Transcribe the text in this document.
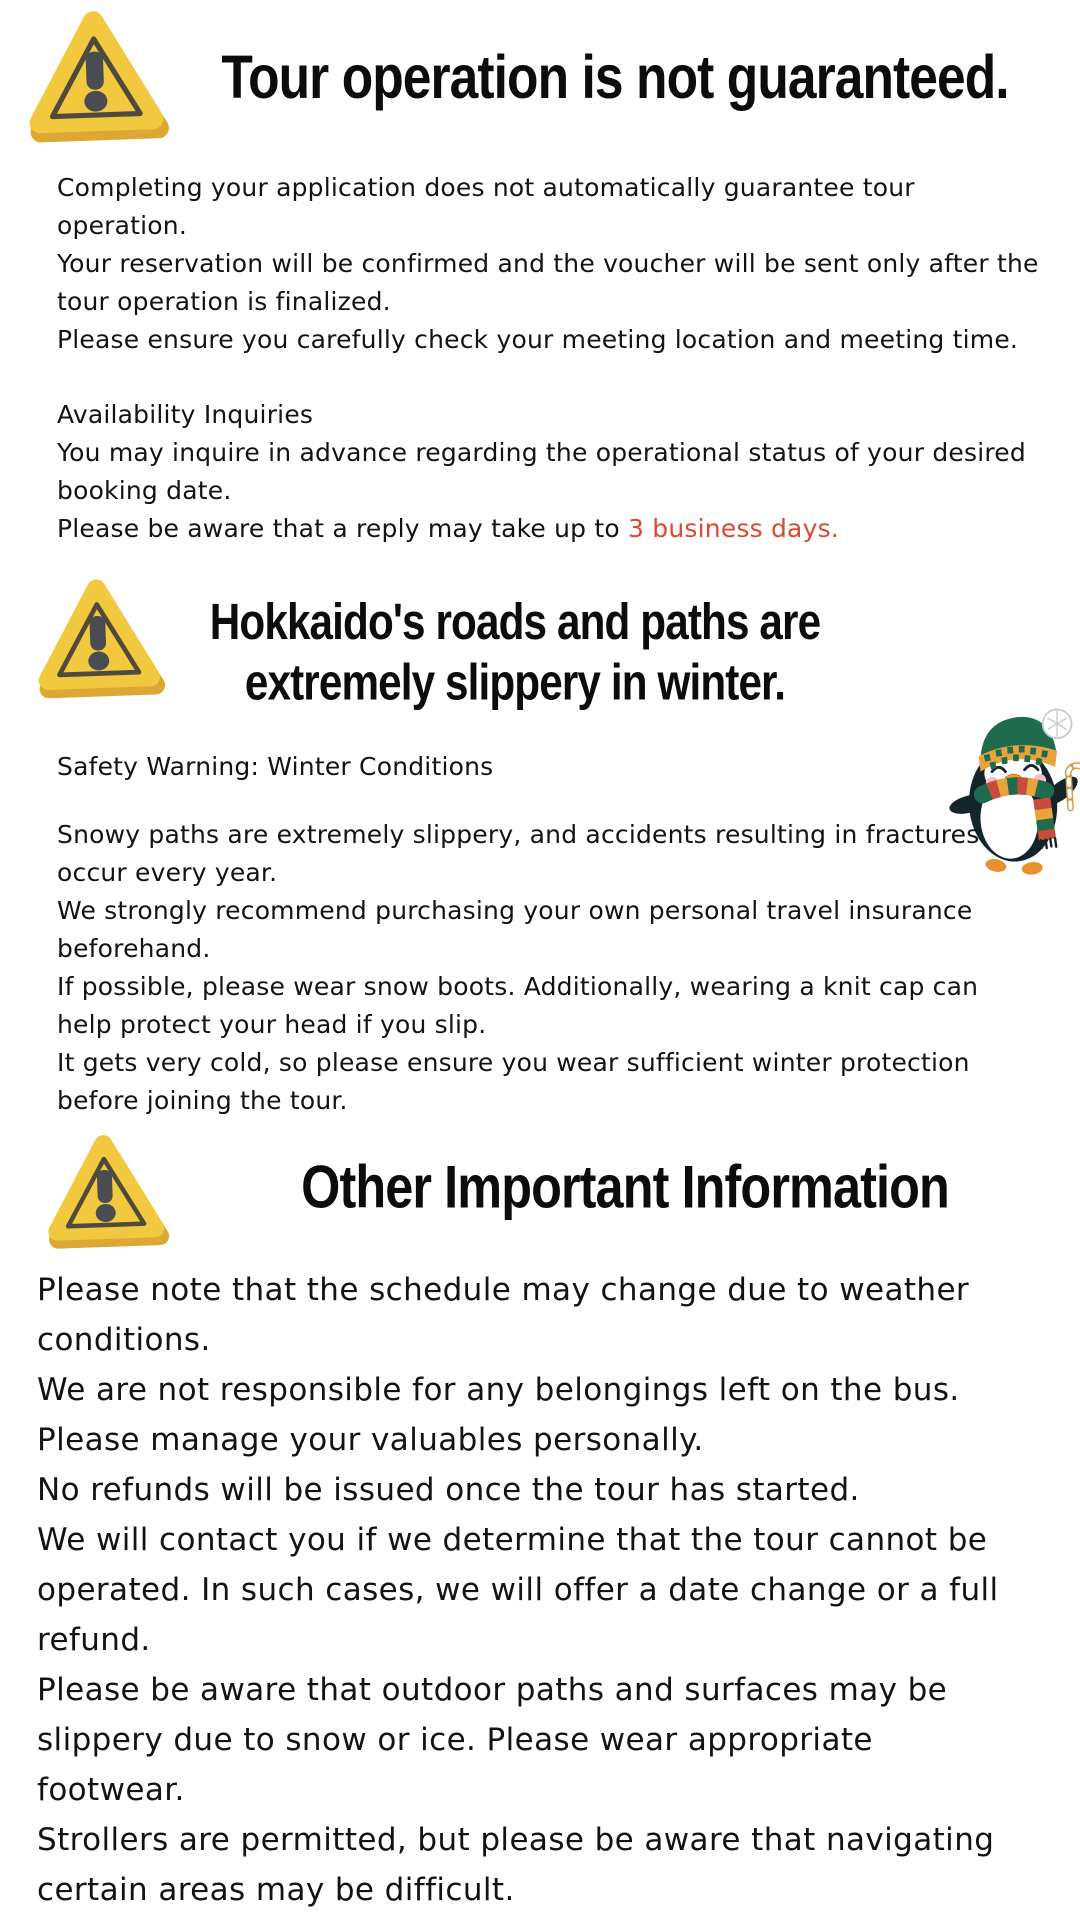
Tour operation is not guaranteed.
Completing your application does not automatically guarantee tour
operation.
Your reservation will be confirmed and the voucher will be sent only after the
tour operation is finalized.
Please ensure you carefully check your meeting location and meeting time.
Availability Inquiries
You may inquire in advance regarding the operational status of your desired
booking date.
Please be aware that a reply may take up to 3 business days.
Hokkaido's roads and paths are
extremely slippery in winter.
Safety Warning: Winter Conditions
Snowy paths are extremely slippery, and accidents resulting in fractures
occur every year.
We strongly recommend purchasing your own personal travel insurance
beforehand.
If possible, please wear snow boots. Additionally, wearing a knit cap can
help protect your head if you slip.
It gets very cold, so please ensure you wear sufficient winter protection
before joining the tour.
Other Important Information
Please note that the schedule may change due to weather
conditions.
We are not responsible for any belongings left on the bus.
Please manage your valuables personally.
No refunds will be issued once the tour has started.
We will contact you if we determine that the tour cannot be
operated. In such cases, we will offer a date change or a full
refund.
Please be aware that outdoor paths and surfaces may be
slippery due to snow or ice. Please wear appropriate
footwear.
Strollers are permitted, but please be aware that navigating
certain areas may be difficult.
